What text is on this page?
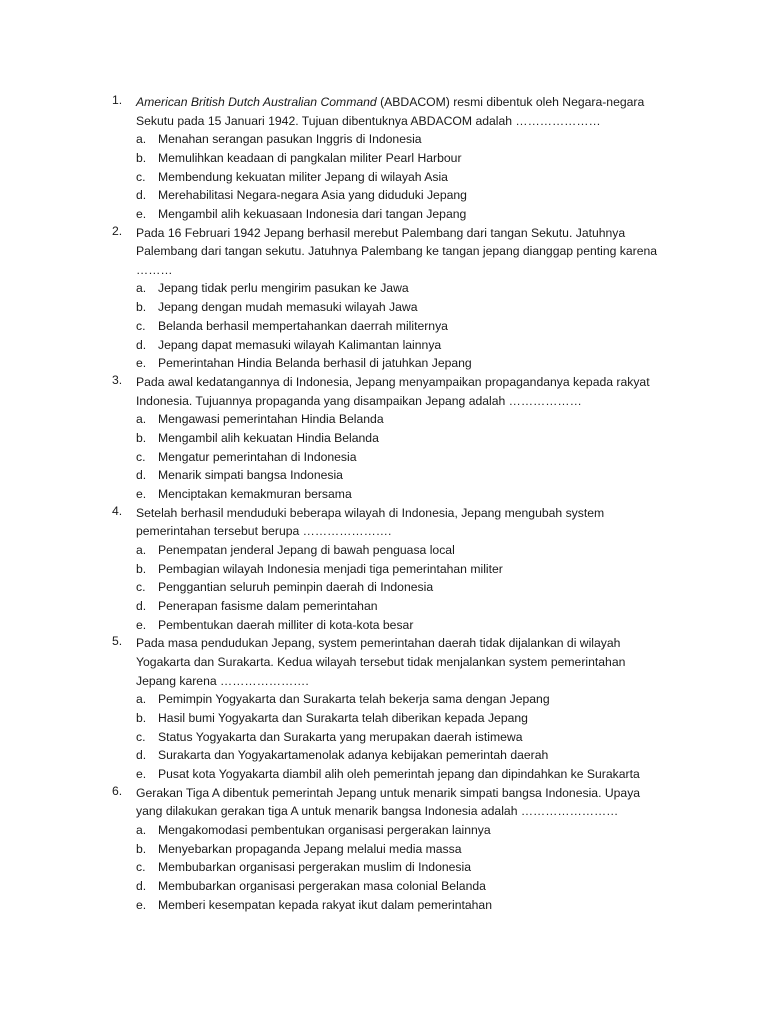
1. American British Dutch Australian Command (ABDACOM) resmi dibentuk oleh Negara-negara
Sekutu pada 15 Januari 1942. Tujuan dibentuknya ABDACOM adalah …………………
a. Menahan serangan pasukan Inggris di Indonesia
b. Memulihkan keadaan di pangkalan militer Pearl Harbour
c. Membendung kekuatan militer Jepang di wilayah Asia
d. Merehabilitasi Negara-negara Asia yang diduduki Jepang
e. Mengambil alih kekuasaan Indonesia dari tangan Jepang
2. Pada 16 Februari 1942 Jepang berhasil merebut Palembang dari tangan Sekutu. Jatuhnya
Palembang dari tangan sekutu. Jatuhnya Palembang ke tangan jepang dianggap penting karena
………
a. Jepang tidak perlu mengirim pasukan ke Jawa
b. Jepang dengan mudah memasuki wilayah Jawa
c. Belanda berhasil mempertahankan daerrah militernya
d. Jepang dapat memasuki wilayah Kalimantan lainnya
e. Pemerintahan Hindia Belanda berhasil di jatuhkan Jepang
3. Pada awal kedatangannya di Indonesia, Jepang menyampaikan propagandanya kepada rakyat
Indonesia. Tujuannya propaganda yang disampaikan Jepang adalah ………………
a. Mengawasi pemerintahan Hindia Belanda
b. Mengambil alih kekuatan Hindia Belanda
c. Mengatur pemerintahan di Indonesia
d. Menarik simpati bangsa Indonesia
e. Menciptakan kemakmuran bersama
4. Setelah berhasil menduduki beberapa wilayah di Indonesia, Jepang mengubah system
pemerintahan tersebut berupa ………………….
a. Penempatan jenderal Jepang di bawah penguasa local
b. Pembagian wilayah Indonesia menjadi tiga pemerintahan militer
c. Penggantian seluruh peminpin daerah di Indonesia
d. Penerapan fasisme dalam pemerintahan
e. Pembentukan daerah milliter di kota-kota besar
5. Pada masa pendudukan Jepang, system pemerintahan daerah tidak dijalankan di wilayah
Yogakarta dan Surakarta. Kedua wilayah tersebut tidak menjalankan system pemerintahan
Jepang karena ………………….
a. Pemimpin Yogyakarta dan Surakarta telah bekerja sama dengan Jepang
b. Hasil bumi Yogyakarta dan Surakarta telah diberikan kepada Jepang
c. Status Yogyakarta dan Surakarta yang merupakan daerah istimewa
d. Surakarta dan Yogyakartamenolak adanya kebijakan pemerintah daerah
e. Pusat kota Yogyakarta diambil alih oleh pemerintah jepang dan dipindahkan ke Surakarta
6. Gerakan Tiga A dibentuk pemerintah Jepang untuk menarik simpati bangsa Indonesia. Upaya
yang dilakukan gerakan tiga A untuk menarik bangsa Indonesia adalah ……………………
a. Mengakomodasi pembentukan organisasi pergerakan lainnya
b. Menyebarkan propaganda Jepang melalui media massa
c. Membubarkan organisasi pergerakan muslim di Indonesia
d. Membubarkan organisasi pergerakan masa colonial Belanda
e. Memberi kesempatan kepada rakyat ikut dalam pemerintahan
